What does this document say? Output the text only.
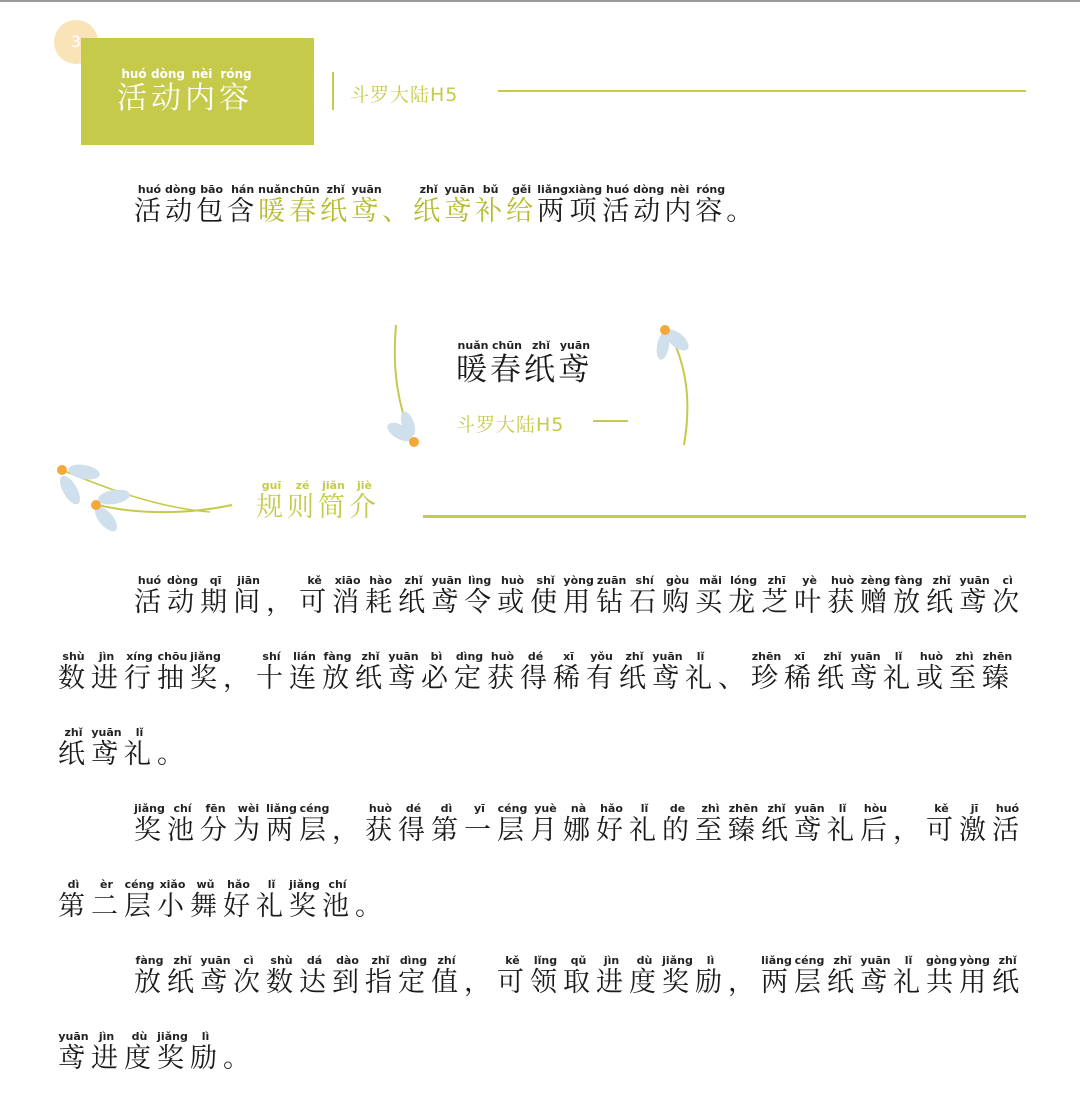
3
活huó动dòng内nèi容róng
斗罗大陆H5
活huó动dòng包bāo含hán暖nuǎn春chūn纸zhǐ鸢yuān、 纸zhǐ鸢yuān补bǔ给gěi两liǎng项xiàng活huó动dòng内nèi容róng。
暖nuǎn春chūn纸zhǐ鸢yuān
斗罗大陆H5
规guī则zé简jiǎn介jiè
活huó动dòng期qī间jiān， 可kě消xiāo耗hào纸zhǐ鸢yuān令lìng或huò使shǐ用yòng钻zuān石shí购gòu买mǎi龙lóng芝zhī叶yè获huò赠zèng放fàng纸zhǐ鸢yuān次cì数shù进jìn行xíng抽chōu奖jiǎng， 十shí连lián放fàng纸zhǐ鸢yuān必bì定dìng获huò得dé稀xī有yǒu纸zhǐ鸢yuān礼lǐ、 珍zhēn稀xī纸zhǐ鸢yuān礼lǐ或huò至zhì臻zhēn纸zhǐ鸢yuān礼lǐ。
奖jiǎng池chí分fēn为wèi两liǎng层céng， 获huò得dé第dì一yī层céng月yuè娜nà好hǎo礼lǐ的de至zhì臻zhēn纸zhǐ鸢yuān礼lǐ后hòu， 可kě激jī活huó第dì二èr层céng小xiǎo舞wǔ好hǎo礼lǐ奖jiǎng池chí。
放fàng纸zhǐ鸢yuān次cì数shù达dá到dào指zhǐ定dìng值zhí， 可kě领lǐng取qǔ进jìn度dù奖jiǎng励lì， 两liǎng层céng纸zhǐ鸢yuān礼lǐ共gòng用yòng纸zhǐ鸢yuān进jìn度dù奖jiǎng励lì。
